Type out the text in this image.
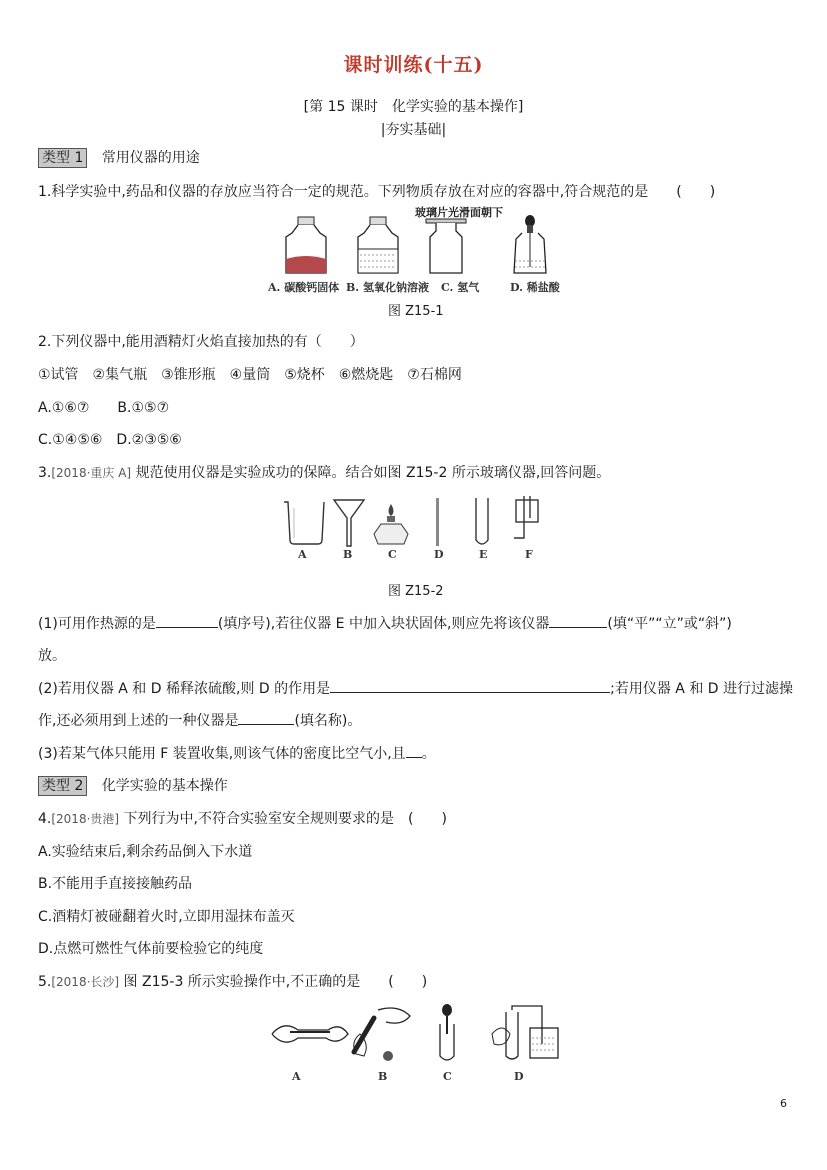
课时训练(十五)
[第 15 课时　化学实验的基本操作]
|夯实基础|
类型 1 常用仪器的用途
1.科学实验中,药品和仪器的存放应当符合一定的规范。下列物质存放在对应的容器中,符合规范的是　　(　　)
玻璃片光滑面朝下
A. 碳酸钙固体 B. 氢氧化钠溶液 C. 氢气	D. 稀盐酸
图 Z15-1
2.下列仪器中,能用酒精灯火焰直接加热的有（　　）
①试管　②集气瓶　③锥形瓶　④量筒　⑤烧杯　⑥燃烧匙　⑦石棉网
A.①⑥⑦　　B.①⑤⑦
C.①④⑤⑥　D.②③⑤⑥
3.[2018·重庆 A] 规范使用仪器是实验成功的保障。结合如图 Z15-2 所示玻璃仪器,回答问题。
A	B	C	D	E	F
图 Z15-2
(1)可用作热源的是	(填序号),若往仪器 E 中加入块状固体,则应先将该仪器	(填“平”“立”或“斜”)
放。
(2)若用仪器 A 和 D 稀释浓硫酸,则 D 的作用是	;若用仪器 A 和 D 进行过滤操
作,还必须用到上述的一种仪器是	(填名称)。
(3)若某气体只能用 F 装置收集,则该气体的密度比空气小,且 。
类型 2 化学实验的基本操作
4.[2018·贵港] 下列行为中,不符合实验室安全规则要求的是　(　　)
A.实验结束后,剩余药品倒入下水道
B.不能用手直接接触药品
C.酒精灯被碰翻着火时,立即用湿抹布盖灭
D.点燃可燃性气体前要检验它的纯度
5.[2018·长沙] 图 Z15-3 所示实验操作中,不正确的是　　(　　)
A	B	C	D
6
